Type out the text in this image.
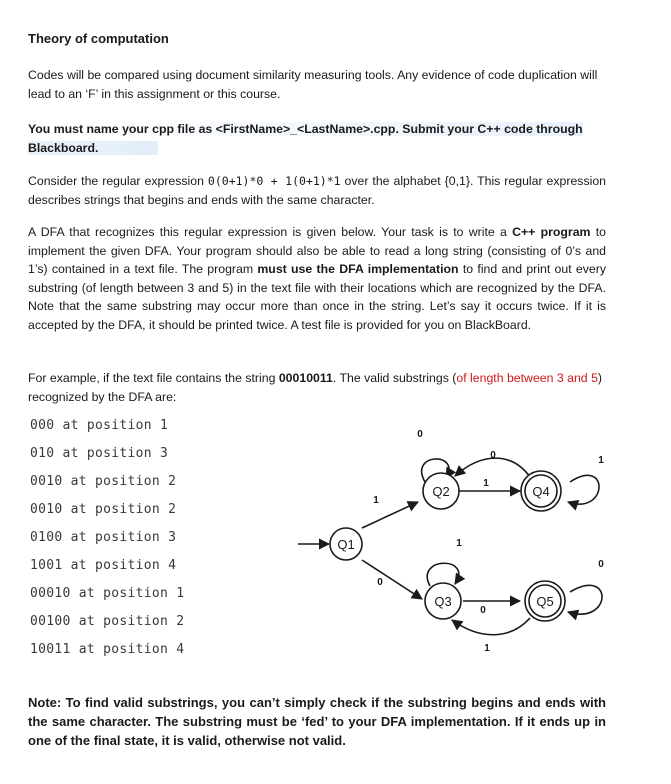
Theory of computation
Codes will be compared using document similarity measuring tools. Any evidence of code duplication will lead to an ‘F’ in this assignment or this course.
You must name your cpp file as <FirstName>_<LastName>.cpp. Submit your C++ code through Blackboard.
Consider the regular expression 0(0+1)*0 + 1(0+1)*1 over the alphabet {0,1}. This regular expression describes strings that begins and ends with the same character.
A DFA that recognizes this regular expression is given below. Your task is to write a C++ program to implement the given DFA. Your program should also be able to read a long string (consisting of 0’s and 1’s) contained in a text file. The program must use the DFA implementation to find and print out every substring (of length between 3 and 5) in the text file with their locations which are recognized by the DFA. Note that the same substring may occur more than once in the string. Let’s say it occurs twice. If it is accepted by the DFA, it should be printed twice. A test file is provided for you on BlackBoard.
For example, if the text file contains the string 00010011. The valid substrings (of length between 3 and 5) recognized by the DFA are:
000 at position 1
010 at position 3
0010 at position 2
0010 at position 2
0100 at position 3
1001 at position 4
00010 at position 1
00100 at position 2
10011 at position 4
Q1
Q2
Q3
Q4
Q5
1
0
0
1
0	1
1
0
1
0
Note: To find valid substrings, you can’t simply check if the substring begins and ends with the same character. The substring must be ‘fed’ to your DFA implementation. If it ends up in one of the final state, it is valid, otherwise not valid.
